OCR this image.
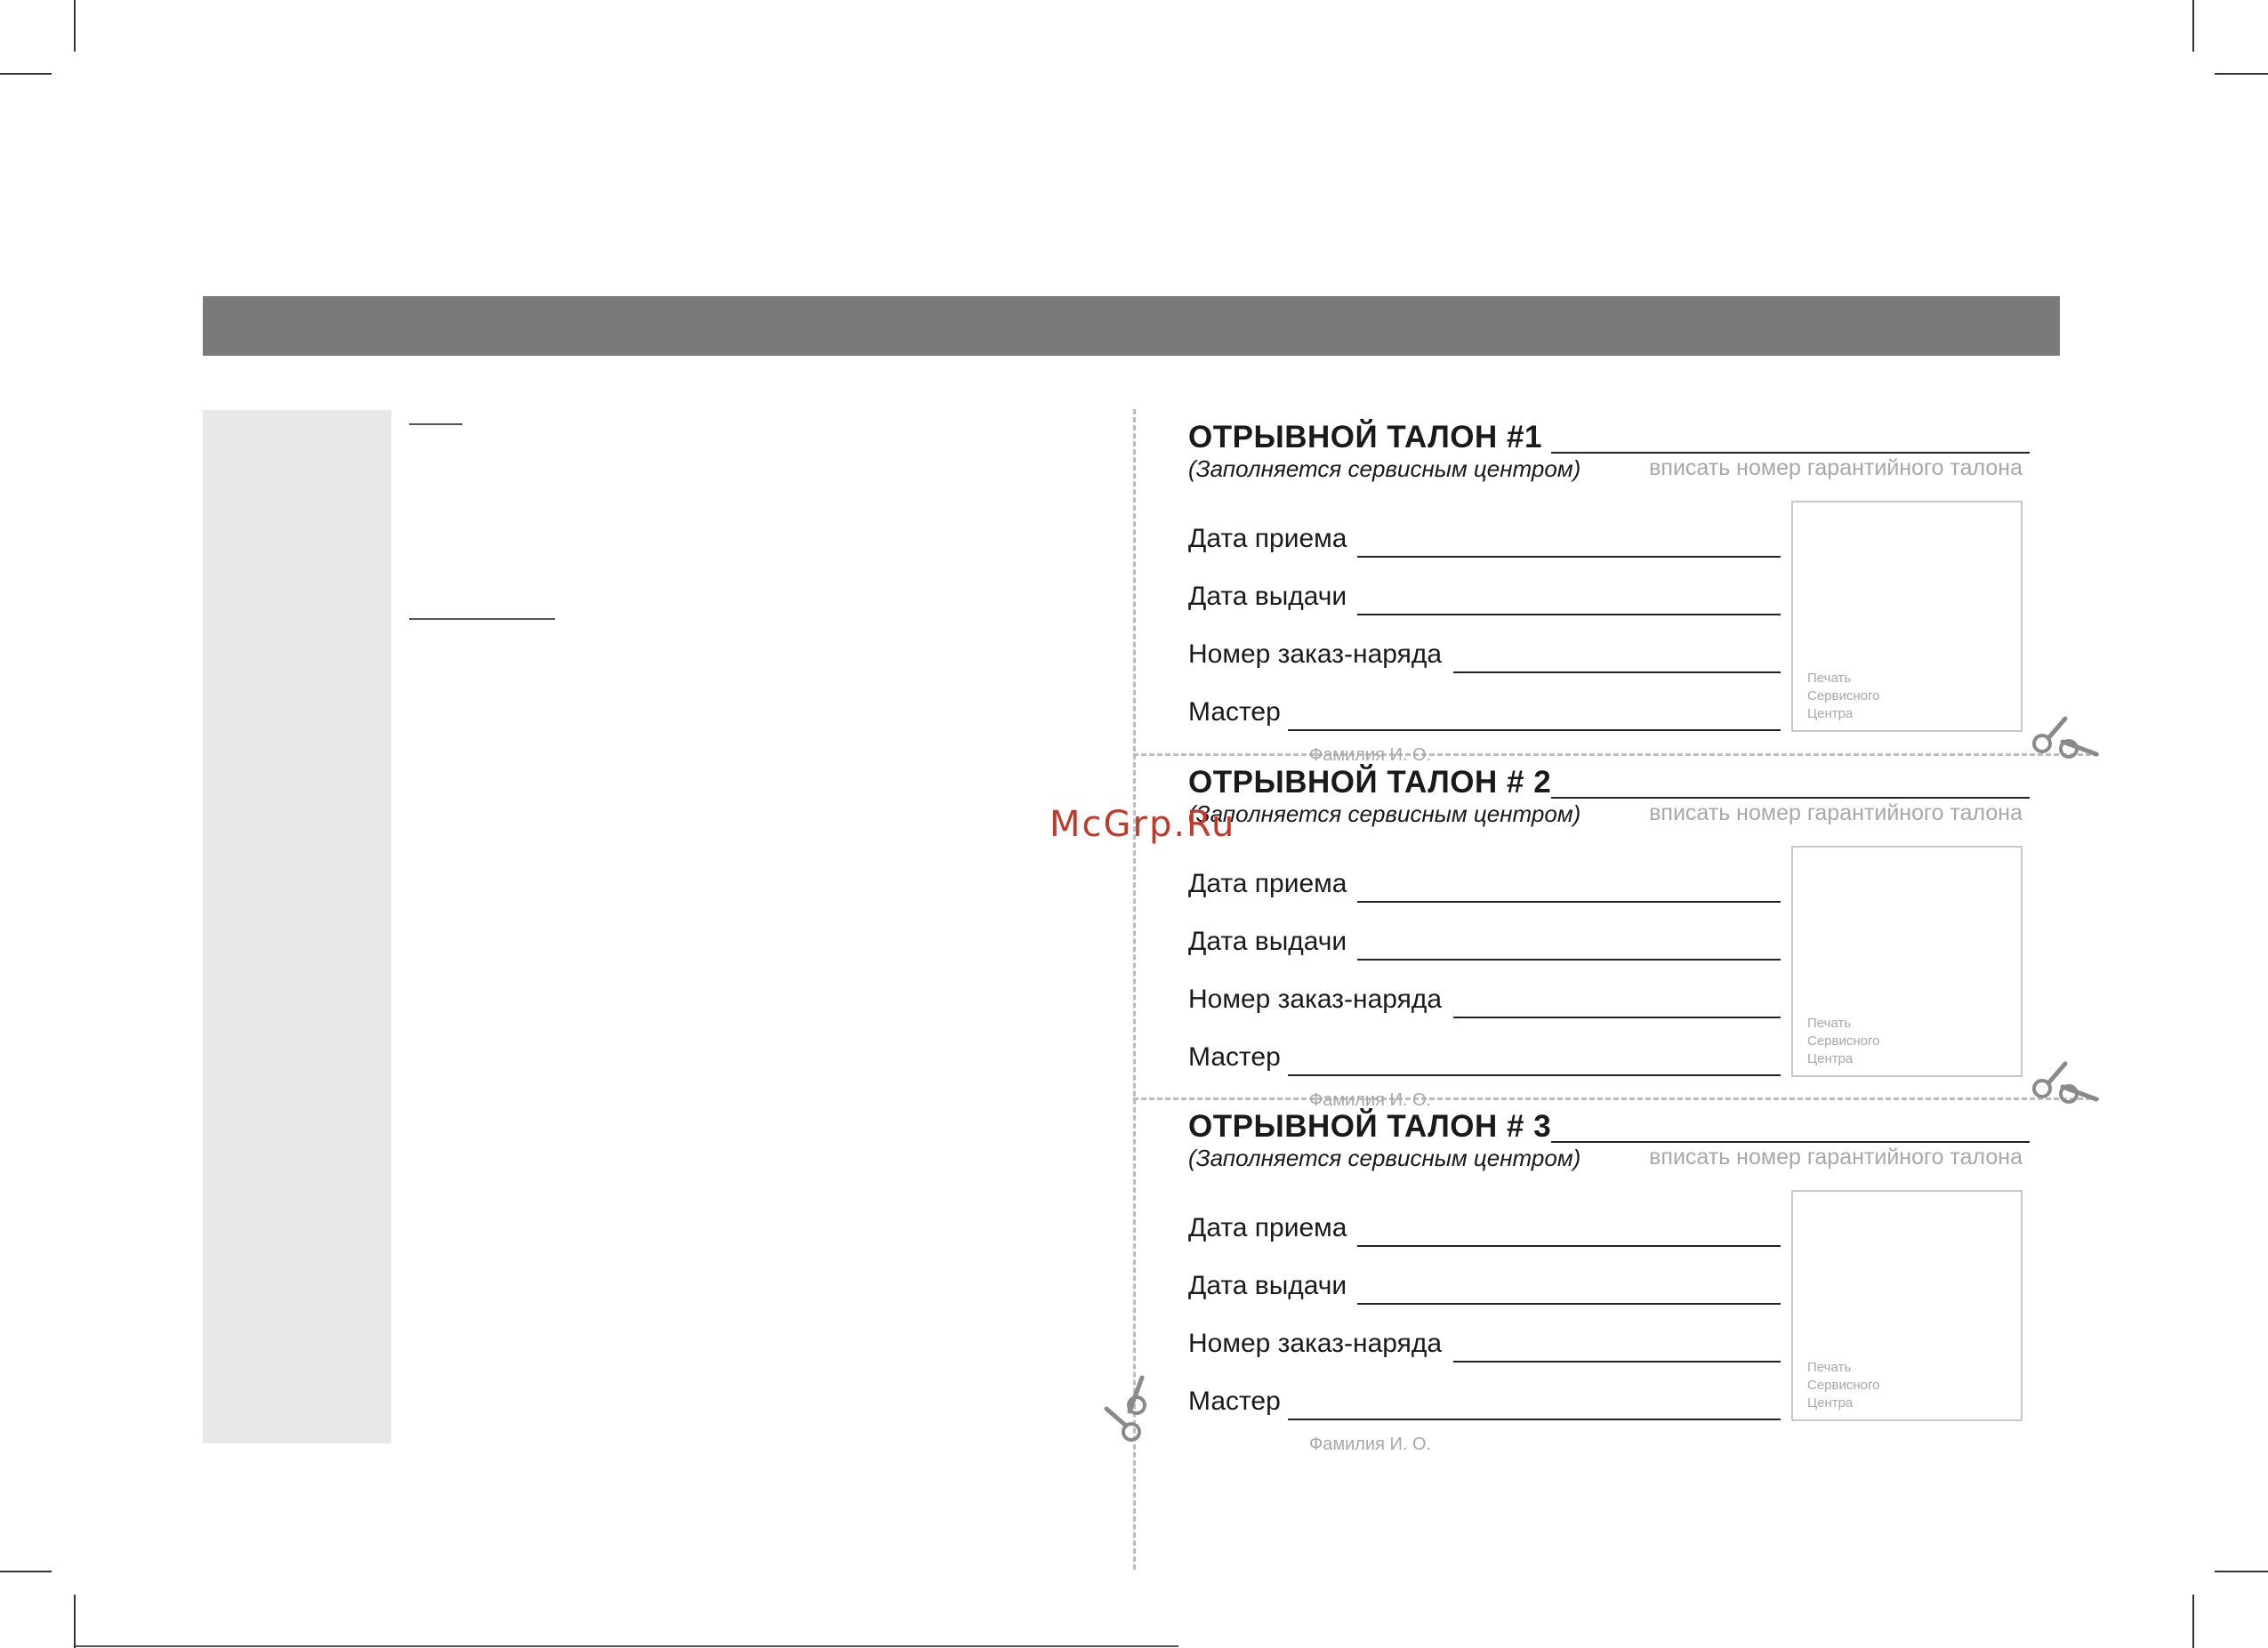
ОТРЫВНОЙ ТАЛОН #1
(Заполняется сервисным центром)	вписать номер гарантийного талона
Дата приема
Дата выдачи
Номер заказ-наряда
Мастер
Фамилия И. О.
Печать
Сервисного
Центра
ОТРЫВНОЙ ТАЛОН # 2
(Заполняется сервисным центром)	вписать номер гарантийного талона
Дата приема
Дата выдачи
Номер заказ-наряда
Мастер
Фамилия И. О.
Печать
Сервисного
Центра
ОТРЫВНОЙ ТАЛОН # 3
(Заполняется сервисным центром)	вписать номер гарантийного талона
Дата приема
Дата выдачи
Номер заказ-наряда
Мастер
Фамилия И. О.
Печать
Сервисного
Центра
McGrp.Ru
